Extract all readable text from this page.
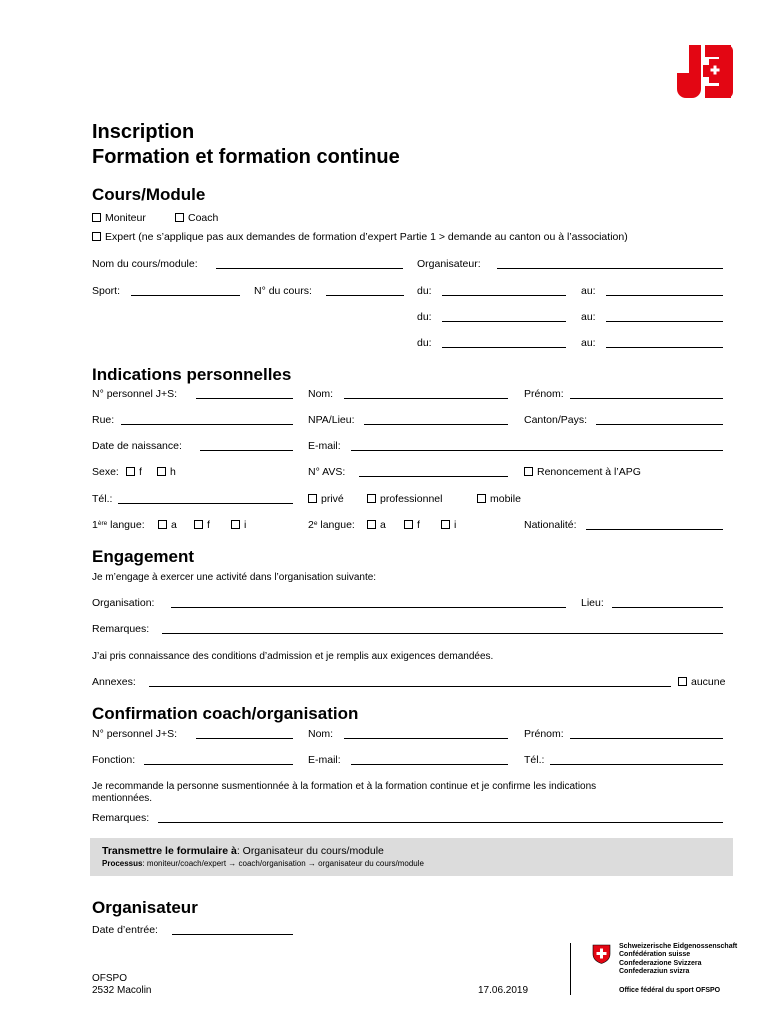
Inscription
Formation et formation continue
Cours/Module
Moniteur	Coach
Expert (ne s’applique pas aux demandes de formation d’expert Partie 1 > demande au canton ou à l’association)
Nom du cours/module:	Organisateur:
Sport:	N° du cours:	du:	au:
du:	au:
du:	au:
Indications personnelles
N° personnel J+S:	Nom:	Prénom:
Rue:	NPA/Lieu:	Canton/Pays:
Date de naissance:	E-mail:
Sexe:	f	h	N° AVS:	Renoncement à l’APG
Tél.:	privé	professionnel	mobile
1ère langue:	a	f	i	2e langue:	a	f	i	Nationalité:
Engagement
Je m’engage à exercer une activité dans l’organisation suivante:
Organisation:	Lieu:
Remarques:
J’ai pris connaissance des conditions d’admission et je remplis aux exigences demandées.
Annexes:	aucune
Confirmation coach/organisation
N° personnel J+S:	Nom:	Prénom:
Fonction:	E-mail:	Tél.:
Je recommande la personne susmentionnée à la formation et à la formation continue et je confirme les indications
mentionnées.
Remarques:
Transmettre le formulaire à: Organisateur du cours/module
Processus: moniteur/coach/expert → coach/organisation → organisateur du cours/module
Organisateur
Date d’entrée:
OFSPO
2532 Macolin	17.06.2019
Schweizerische Eidgenossenschaft
Confédération suisse
Confederazione Svizzera
Confederaziun svizra
Office fédéral du sport OFSPO
